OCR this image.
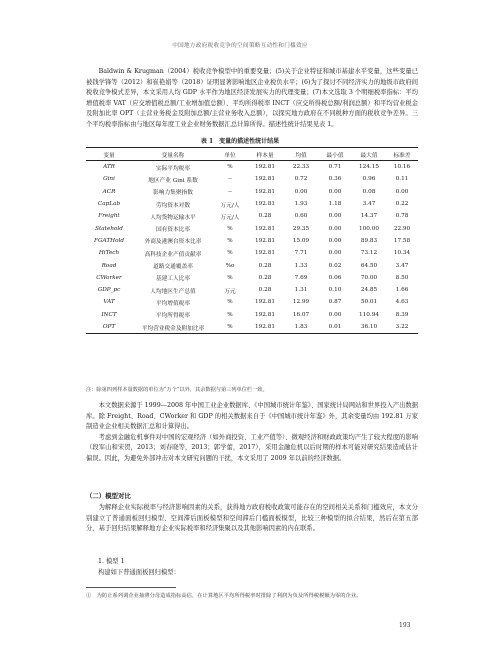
中国地方政府税收竞争的空间策略互动性和门槛效应

Baldwin & Krugman（2004）税收竞争模型中的重要变量；(5)关于企业特征和城市基建水平变量，这些变量已被钱学锋等（2012）和崔艳娟等（2018）证明显著影响地区企业税负水平；(6)为了探讨不同经济实力的地级市政府间税收竞争模式差异，本文采用人均 GDP 水平作为地区经济发展实力的代理变量；(7)本文选取 3 个明细税率指标：平均增值税率 VAT（应交增值税总额/工业增加值总额）、平均所得税率 INCT（应交所得税总额/利润总额）和平均营业税金及附加比率 OPT（主营业务税金及附加总额/主营业务收入总额），以探究地方政府在不同税种方面的税收竞争差异。三个平均税率指标由与地区每年度工业企业财务数据汇总计算所得。描述性统计结果见表 1。

表 1　变量的描述性统计结果
变量	变量名称	单位	样本量	均值	最小值	最大值	标准差
ATR	实际平均税率	%	192.81	22.33	0.71	124.15	10.16
Gini	地区产业 Gini 系数	--	192.81	0.72	0.36	0.96	0.11
ACR	影响力集聚指数	--	192.81	0.00	0.00	0.08	0.00
CapLab	劳均资本对数	万元/人	192.81	1.93	1.18	3.47	0.22
Freight	人均货物运输水平	万元/人	0.28	0.60	0.00	14.37	0.78
Statehold	国有资本比率	%	192.81	29.35	0.00	100.00	22.90
FGATHold	外商及港澳台资本比率	%	192.81	15.09	0.00	89.83	17.58
HiTech	高科技企业产值贡献率	%	192.81	7.71	0.00	73.12	10.34
Road	道路交通覆盖率	%o	0.28	1.33	0.02	64.50	3.47
CWorker	基建工人比率	%	0.28	7.69	0.06	70.00	8.50
GDP_pc	人均地区生产总值	万元	0.28	1.31	0.10	24.85	1.66
VAT	平均增值税率	%	192.81	12.99	0.87	50.01	4.63
INCT	平均所得税率	%	192.81	16.07	0.00	110.94	8.39
OPT	平均营业税金及附加比率	%	192.81	1.83	0.01	36.10	3.22
注：除第四列样本量数据的单位为“万个”以外，其余数据与第三列单位栏一致。

本文数据来源于 1999—2008 年中国工业企业数据库、《中国城市统计年鉴》、国家统计局网站和世界投入产出数据库。除 Freight、Road、CWorker 和 GDP 的相关数据来自于《中国城市统计年鉴》外，其余变量均由 192.81 万家制造业企业相关数据汇总和计算得出。
考虑到金融危机事件对中国的宏观经济（如外商投资、工业产值等）、微观经济和财政政策均产生了较大程度的影响（段军山和宋贺，2013；刘春晓等，2013；郭学蕾，2017），采用金融危机以后时期的样本可能对研究结果造成估计偏误。因此，为避免外部冲击对本文研究问题的干扰，本文采用了 2009 年以前的经济数据。

（二）模型对比

为解释企业实际税率与经济影响因素的关系，获得地方政府税收政策可能存在的空间相关关系和门槛效应，本文分别建立了普通面板回归模型、空间滞后面板模型和空间滞后门槛面板模型，比较三种模型的拟合结果，然后在第五部分，基于回归结果解释地方企业实际税率和经济集聚以及其他影响因素的内在联系。

1. 模型 1
构建如下普通面板回归模型：
①　为防止系列调企业抽薄分母造成指标高估，在计算地区平均所得税率时排除了利润为负及所得税税额为零的企业。
193
